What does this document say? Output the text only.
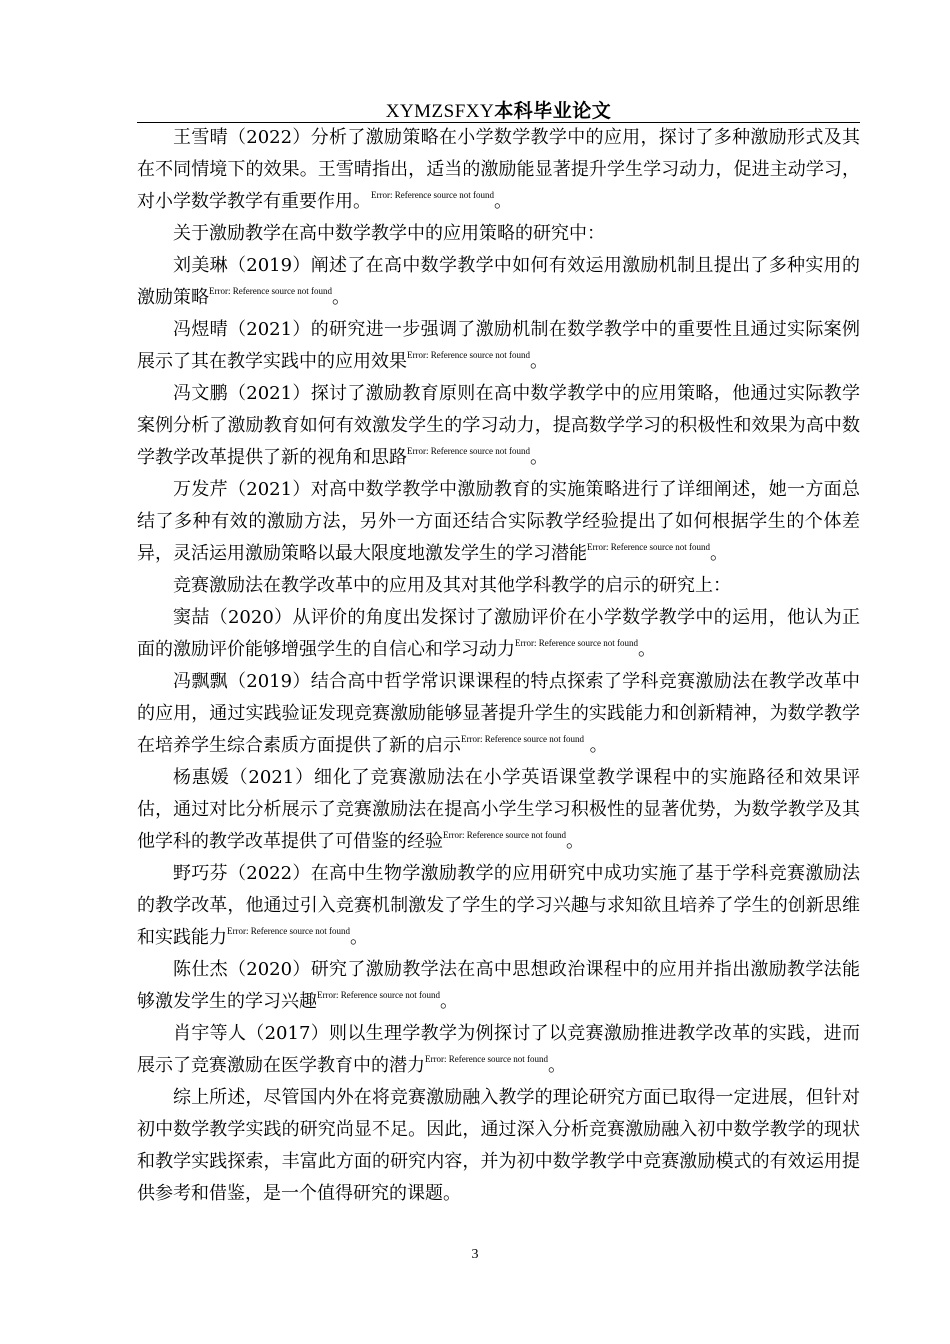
XYMZSFXY本科毕业论文

王雪晴（2022）分析了激励策略在小学数学教学中的应用，探讨了多种激励形式及其在不同情境下的效果。王雪晴指出，适当的激励能显著提升学生学习动力，促进主动学习，对小学数学教学有重要作用。$^{Error: Reference source not found}$。

关于激励教学在高中数学教学中的应用策略的研究中：

刘美琳（2019）阐述了在高中数学教学中如何有效运用激励机制且提出了多种实用的激励策略$^{Error: Reference source not found}$。

冯煜晴（2021）的研究进一步强调了激励机制在数学教学中的重要性且通过实际案例展示了其在教学实践中的应用效果$^{Error: Reference source not found}$。

冯文鹏（2021）探讨了激励教育原则在高中数学教学中的应用策略，他通过实际教学案例分析了激励教育如何有效激发学生的学习动力，提高数学学习的积极性和效果为高中数学教学改革提供了新的视角和思路$^{Error: Reference source not found}$。

万发芹（2021）对高中数学教学中激励教育的实施策略进行了详细阐述，她一方面总结了多种有效的激励方法，另外一方面还结合实际教学经验提出了如何根据学生的个体差异，灵活运用激励策略以最大限度地激发学生的学习潜能$^{Error: Reference source not found}$。

竞赛激励法在教学改革中的应用及其对其他学科教学的启示的研究上：

窦喆（2020）从评价的角度出发探讨了激励评价在小学数学教学中的运用，他认为正面的激励评价能够增强学生的自信心和学习动力$^{Error: Reference source not found}$。

冯飘飘（2019）结合高中哲学常识课课程的特点探索了学科竞赛激励法在教学改革中的应用，通过实践验证发现竞赛激励能够显著提升学生的实践能力和创新精神，为数学教学在培养学生综合素质方面提供了新的启示$^{Error: Reference source not found}$ 。

杨惠媛（2021）细化了竞赛激励法在小学英语课堂教学课程中的实施路径和效果评估，通过对比分析展示了竞赛激励法在提高小学生学习积极性的显著优势，为数学教学及其他学科的教学改革提供了可借鉴的经验$^{Error: Reference source not found}$。

野巧芬（2022）在高中生物学激励教学的应用研究中成功实施了基于学科竞赛激励法的教学改革，他通过引入竞赛机制激发了学生的学习兴趣与求知欲且培养了学生的创新思维和实践能力$^{Error: Reference source not found}$。

陈仕杰（2020）研究了激励教学法在高中思想政治课程中的应用并指出激励教学法能够激发学生的学习兴趣$^{Error: Reference source not found}$。

肖宇等人（2017）则以生理学教学为例探讨了以竞赛激励推进教学改革的实践，进而展示了竞赛激励在医学教育中的潜力$^{Error: Reference source not found}$。

综上所述，尽管国内外在将竞赛激励融入教学的理论研究方面已取得一定进展，但针对初中数学教学实践的研究尚显不足。因此，通过深入分析竞赛激励融入初中数学教学的现状和教学实践探索，丰富此方面的研究内容，并为初中数学教学中竞赛激励模式的有效运用提供参考和借鉴，是一个值得研究的课题。

3
